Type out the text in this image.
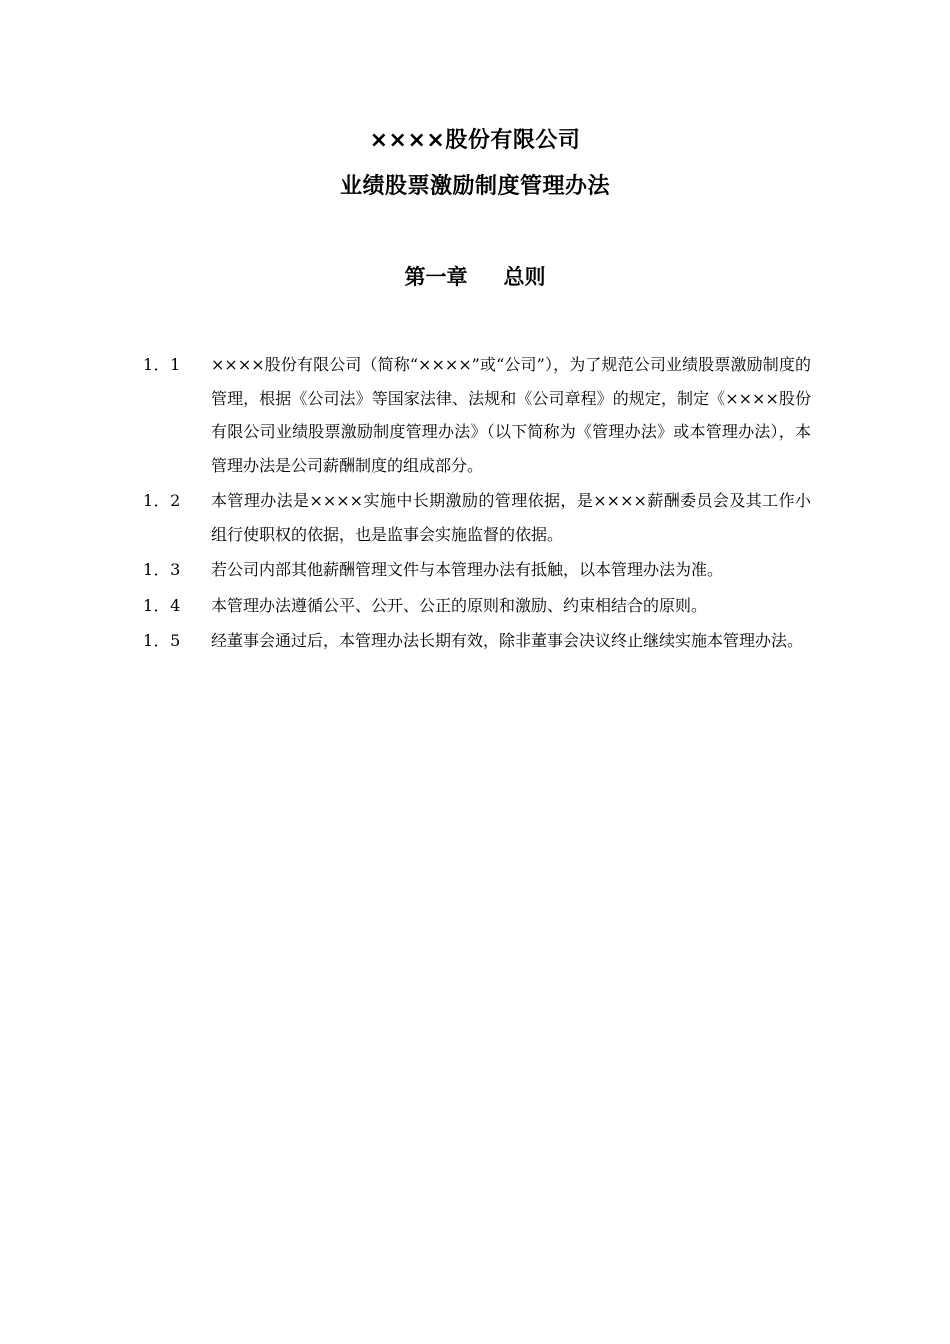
××××股份有限公司
业绩股票激励制度管理办法
第一章 总则
1．1	××××股份有限公司（简称“××××”或“公司”），为了规范公司业绩股票激励制度的管理，根据《公司法》等国家法律、法规和《公司章程》的规定，制定《××××股份有限公司业绩股票激励制度管理办法》（以下简称为《管理办法》或本管理办法），本管理办法是公司薪酬制度的组成部分。
1．2	本管理办法是××××实施中长期激励的管理依据，是××××薪酬委员会及其工作小组行使职权的依据，也是监事会实施监督的依据。
1．3	若公司内部其他薪酬管理文件与本管理办法有抵触，以本管理办法为准。
1．4	本管理办法遵循公平、公开、公正的原则和激励、约束相结合的原则。
1．5	经董事会通过后，本管理办法长期有效，除非董事会决议终止继续实施本管理办法。
